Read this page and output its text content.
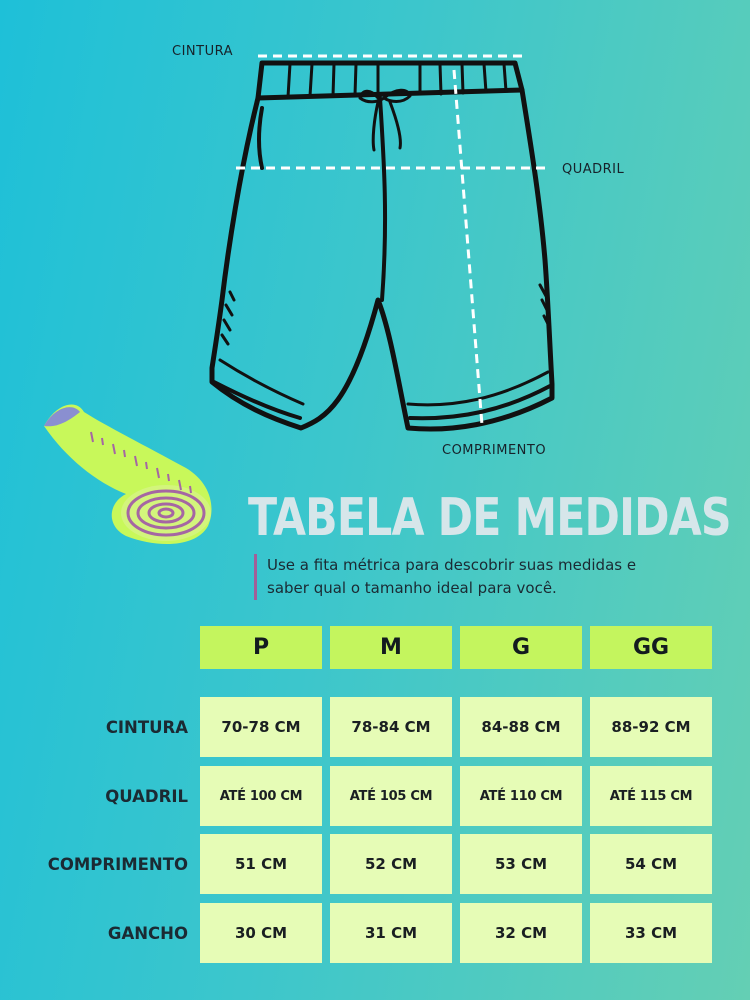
CINTURA
QUADRIL
COMPRIMENTO
TABELA DE MEDIDAS
Use a fita métrica para descobrir suas medidas e
saber qual o tamanho ideal para você.
P	M	G	GG
CINTURA	70-78 CM	78-84 CM	84-88 CM	88-92 CM
QUADRIL	ATÉ 100 CM	ATÉ 105 CM	ATÉ 110 CM	ATÉ 115 CM
COMPRIMENTO	51 CM	52 CM	53 CM	54 CM
GANCHO	30 CM	31 CM	32 CM	33 CM
